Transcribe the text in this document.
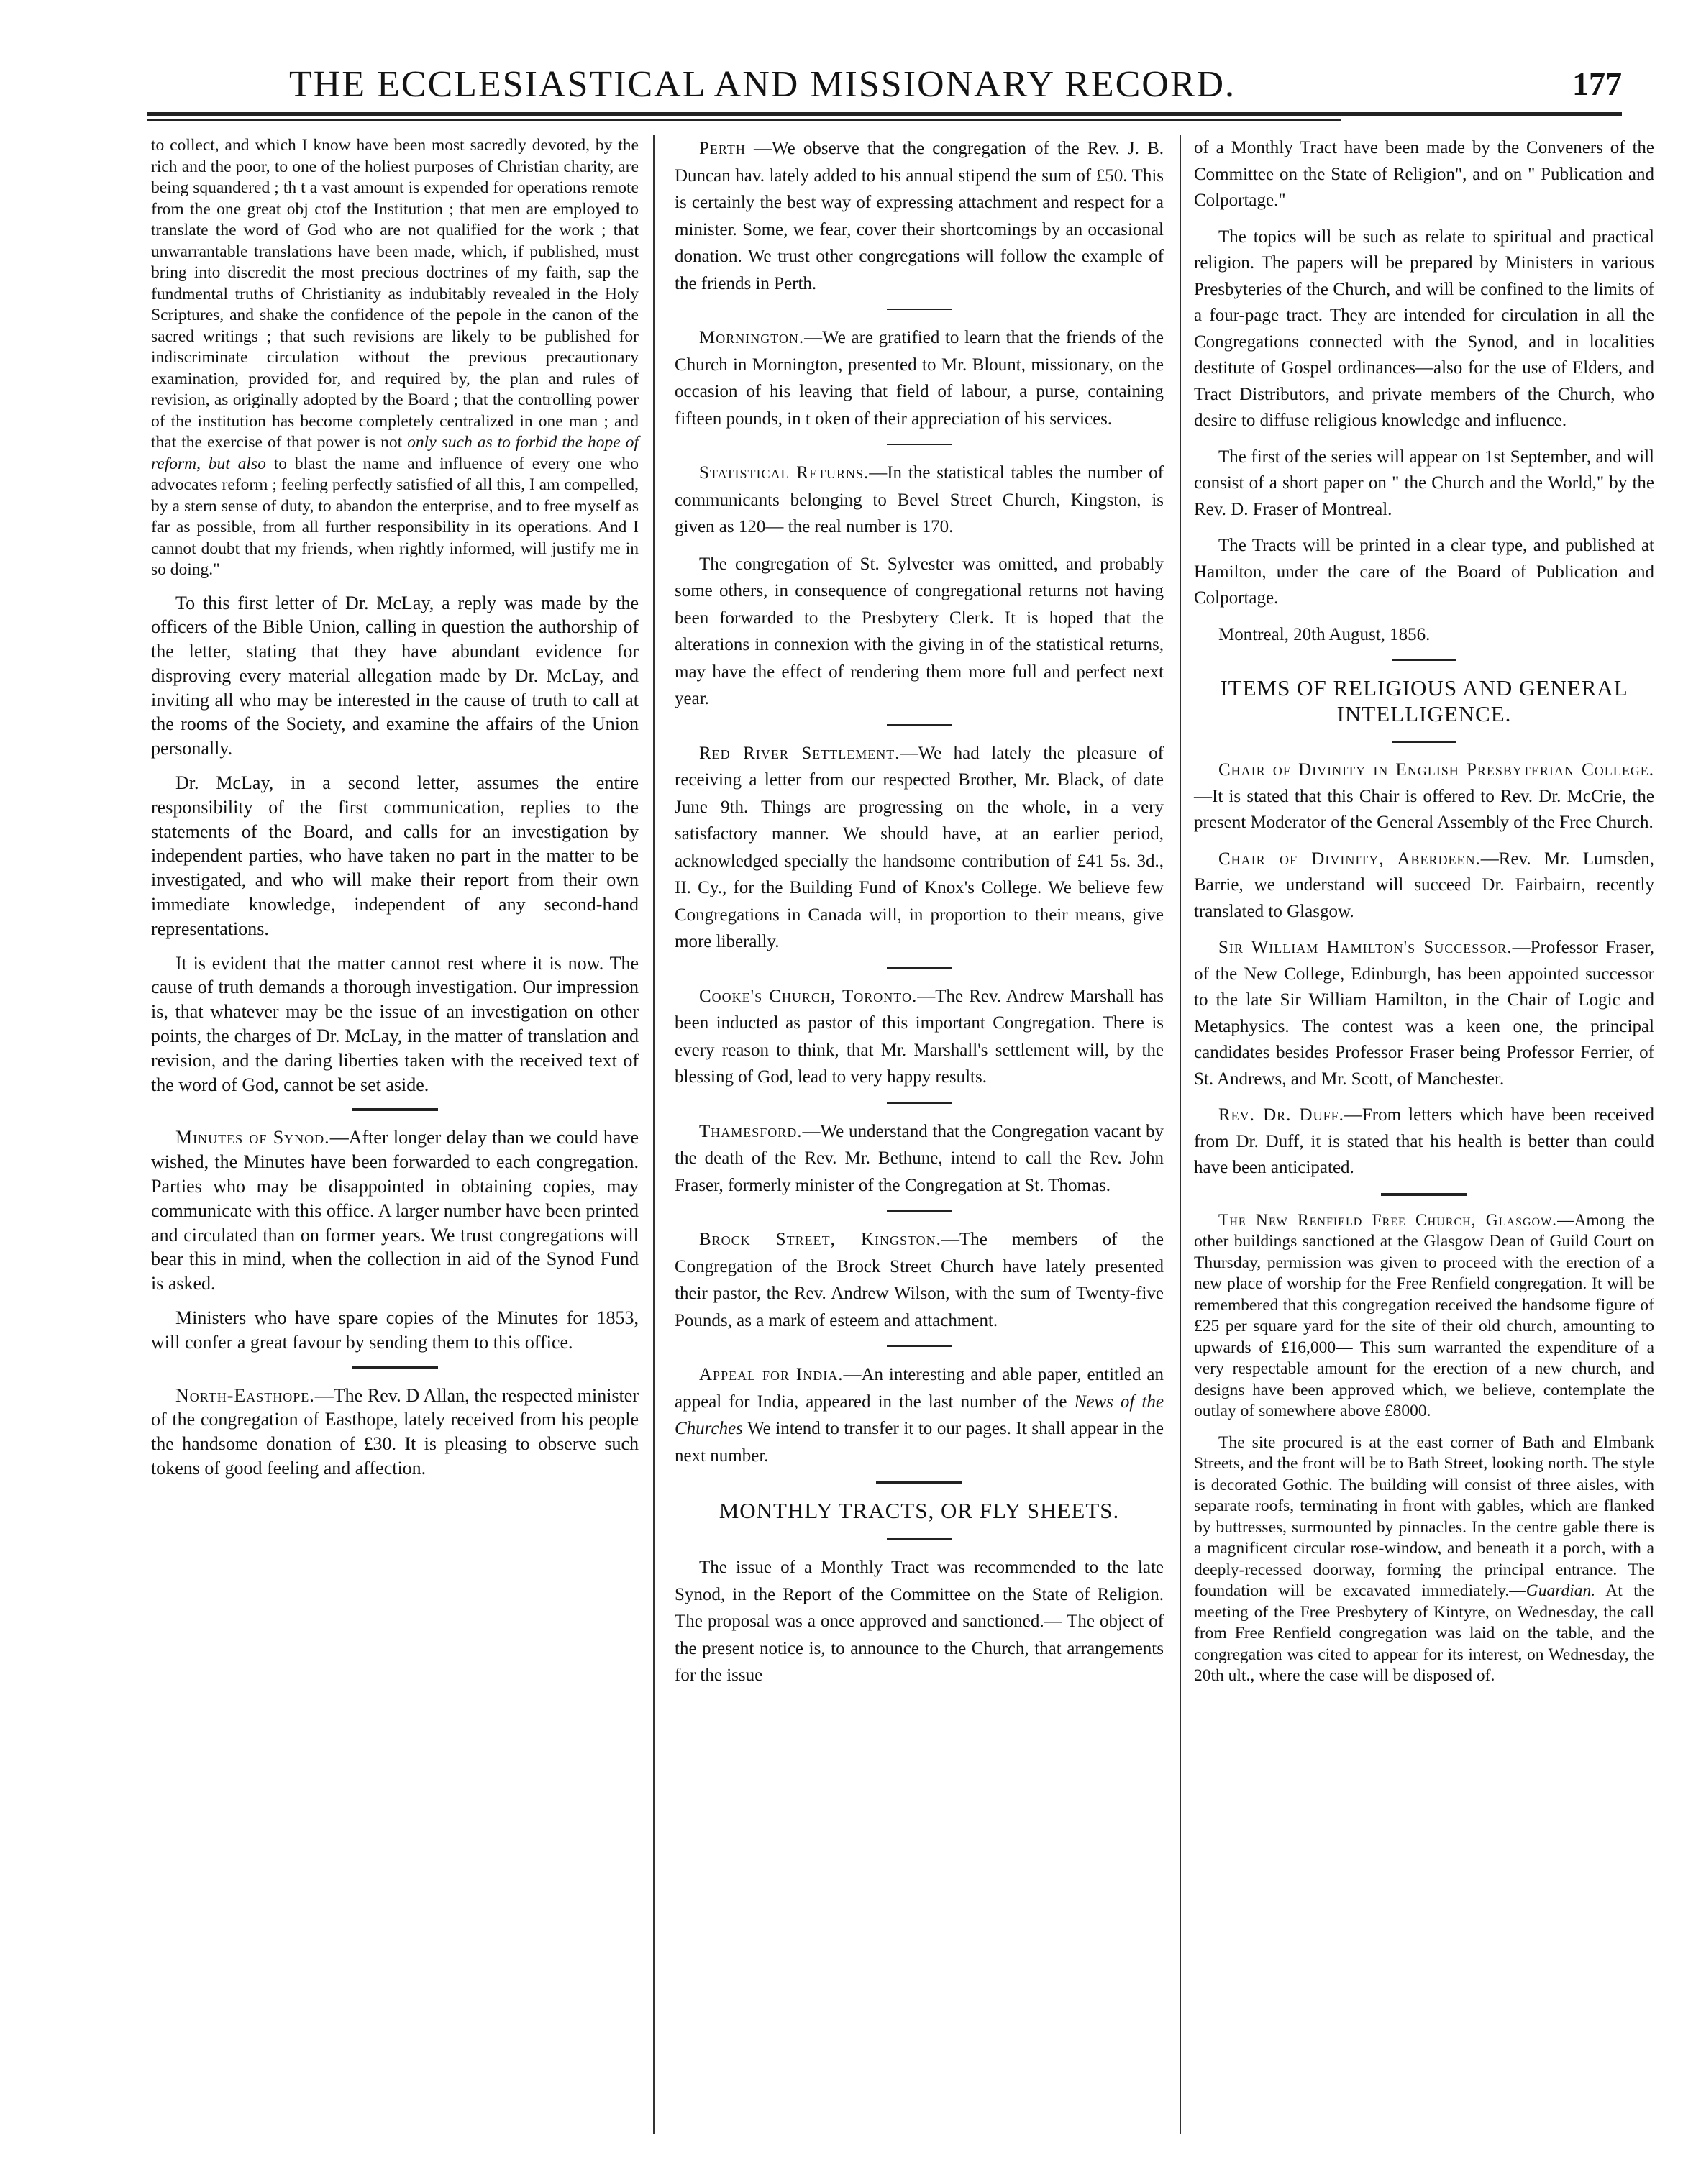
THE ECCLESIASTICAL AND MISSIONARY RECORD.	177
to collect, and which I know have been most sacredly devoted, by the rich and the poor, to one of the holiest purposes of Christian charity, are being squandered ; th t a vast amount is expended for operations remote from the one great obj ctof the Institution ; that men are employed to translate the word of God who are not qualified for the work ; that unwarrantable translations have been made, which, if published, must bring into discredit the most precious doctrines of my faith, sap the fundmental truths of Christianity as indubitably revealed in the Holy Scriptures, and shake the confidence of the pepole in the canon of the sacred writings ; that such revisions are likely to be published for indiscriminate circulation without the previous precautionary examination, provided for, and required by, the plan and rules of revision, as originally adopted by the Board ; that the controlling power of the institution has become completely centralized in one man ; and that the exercise of that power is not only such as to forbid the hope of reform, but also to blast the name and influence of every one who advocates reform ; feeling perfectly satisfied of all this, I am compelled, by a stern sense of duty, to abandon the enterprise, and to free myself as far as possible, from all further responsibility in its operations. And I cannot doubt that my friends, when rightly informed, will justify me in so doing."

To this first letter of Dr. McLay, a reply was made by the officers of the Bible Union, calling in question the authorship of the letter, stating that they have abundant evidence for disproving every material allegation made by Dr. McLay, and inviting all who may be interested in the cause of truth to call at the rooms of the Society, and examine the affairs of the Union personally.

Dr. McLay, in a second letter, assumes the entire responsibility of the first communication, replies to the statements of the Board, and calls for an investigation by independent parties, who have taken no part in the matter to be investigated, and who will make their report from their own immediate knowledge, independent of any second-hand representations.

It is evident that the matter cannot rest where it is now. The cause of truth demands a thorough investigation. Our impression is, that whatever may be the issue of an investigation on other points, the charges of Dr. McLay, in the matter of translation and revision, and the daring liberties taken with the received text of the word of God, cannot be set aside.

Minutes of Synod.—After longer delay than we could have wished, the Minutes have been forwarded to each congregation. Parties who may be disappointed in obtaining copies, may communicate with this office. A larger number have been printed and circulated than on former years. We trust congregations will bear this in mind, when the collection in aid of the Synod Fund is asked.

Ministers who have spare copies of the Minutes for 1853, will confer a great favour by sending them to this office.

North-Easthope.—The Rev. D Allan, the respected minister of the congregation of Easthope, lately received from his people the handsome donation of £30. It is pleasing to observe such tokens of good feeling and affection.

Perth —We observe that the congregation of the Rev. J. B. Duncan hav. lately added to his annual stipend the sum of £50. This is certainly the best way of expressing attachment and respect for a minister. Some, we fear, cover their shortcomings by an occasional donation. We trust other congregations will follow the example of the friends in Perth.

Mornington.—We are gratified to learn that the friends of the Church in Mornington, presented to Mr. Blount, missionary, on the occasion of his leaving that field of labour, a purse, containing fifteen pounds, in t oken of their appreciation of his services.

Statistical Returns.—In the statistical tables the number of communicants belonging to Bevel Street Church, Kingston, is given as 120— the real number is 170.

The congregation of St. Sylvester was omitted, and probably some others, in consequence of congregational returns not having been forwarded to the Presbytery Clerk. It is hoped that the alterations in connexion with the giving in of the statistical returns, may have the effect of rendering them more full and perfect next year.

Red River Settlement.—We had lately the pleasure of receiving a letter from our respected Brother, Mr. Black, of date June 9th. Things are progressing on the whole, in a very satisfactory manner. We should have, at an earlier period, acknowledged specially the handsome contribution of £41 5s. 3d., II. Cy., for the Building Fund of Knox's College. We believe few Congregations in Canada will, in proportion to their means, give more liberally.

Cooke's Church, Toronto.—The Rev. Andrew Marshall has been inducted as pastor of this important Congregation. There is every reason to think, that Mr. Marshall's settlement will, by the blessing of God, lead to very happy results.

Thamesford.—We understand that the Congregation vacant by the death of the Rev. Mr. Bethune, intend to call the Rev. John Fraser, formerly minister of the Congregation at St. Thomas.

Brock Street, Kingston.—The members of the Congregation of the Brock Street Church have lately presented their pastor, the Rev. Andrew Wilson, with the sum of Twenty-five Pounds, as a mark of esteem and attachment.

Appeal for India.—An interesting and able paper, entitled an appeal for India, appeared in the last number of the News of the Churches We intend to transfer it to our pages. It shall appear in the next number.

MONTHLY TRACTS, OR FLY SHEETS.

The issue of a Monthly Tract was recommended to the late Synod, in the Report of the Committee on the State of Religion. The proposal was a once approved and sanctioned.— The object of the present notice is, to announce to the Church, that arrangements for the issue

of a Monthly Tract have been made by the Conveners of the Committee on the State of Religion", and on " Publication and Colportage."

The topics will be such as relate to spiritual and practical religion. The papers will be prepared by Ministers in various Presbyteries of the Church, and will be confined to the limits of a four-page tract. They are intended for circulation in all the Congregations connected with the Synod, and in localities destitute of Gospel ordinances—also for the use of Elders, and Tract Distributors, and private members of the Church, who desire to diffuse religious knowledge and influence.

The first of the series will appear on 1st September, and will consist of a short paper on " the Church and the World," by the Rev. D. Fraser of Montreal.

The Tracts will be printed in a clear type, and published at Hamilton, under the care of the Board of Publication and Colportage.

Montreal, 20th August, 1856.

ITEMS OF RELIGIOUS AND GENERAL INTELLIGENCE.

Chair of Divinity in English Presbyterian College.—It is stated that this Chair is offered to Rev. Dr. McCrie, the present Moderator of the General Assembly of the Free Church.

Chair of Divinity, Aberdeen.—Rev. Mr. Lumsden, Barrie, we understand will succeed Dr. Fairbairn, recently translated to Glasgow.

Sir William Hamilton's Successor.—Professor Fraser, of the New College, Edinburgh, has been appointed successor to the late Sir William Hamilton, in the Chair of Logic and Metaphysics. The contest was a keen one, the principal candidates besides Professor Fraser being Professor Ferrier, of St. Andrews, and Mr. Scott, of Manchester.

Rev. Dr. Duff.—From letters which have been received from Dr. Duff, it is stated that his health is better than could have been anticipated.

The New Renfield Free Church, Glasgow.—Among the other buildings sanctioned at the Glasgow Dean of Guild Court on Thursday, permission was given to proceed with the erection of a new place of worship for the Free Renfield congregation. It will be remembered that this congregation received the handsome figure of £25 per square yard for the site of their old church, amounting to upwards of £16,000— This sum warranted the expenditure of a very respectable amount for the erection of a new church, and designs have been approved which, we believe, contemplate the outlay of somewhere above £8000.

The site procured is at the east corner of Bath and Elmbank Streets, and the front will be to Bath Street, looking north. The style is decorated Gothic. The building will consist of three aisles, with separate roofs, terminating in front with gables, which are flanked by buttresses, surmounted by pinnacles. In the centre gable there is a magnificent circular rose-window, and beneath it a porch, with a deeply-recessed doorway, forming the principal entrance. The foundation will be excavated immediately.—Guardian. At the meeting of the Free Presbytery of Kintyre, on Wednesday, the call from Free Renfield congregation was laid on the table, and the congregation was cited to appear for its interest, on Wednesday, the 20th ult., where the case will be disposed of.
